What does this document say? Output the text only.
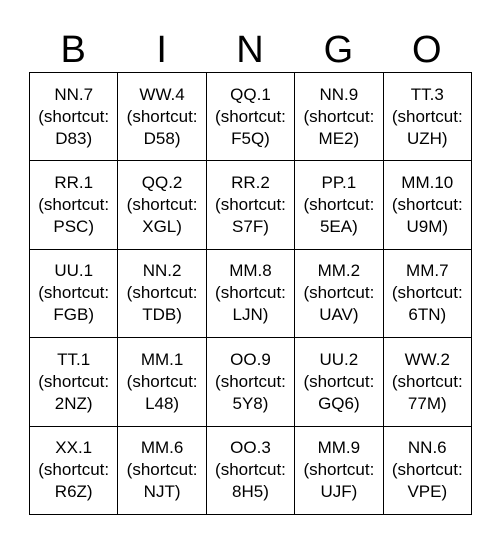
B	I	N	G	O
NN.7
(shortcut:
D83)	WW.4
(shortcut:
D58)	QQ.1
(shortcut:
F5Q)	NN.9
(shortcut:
ME2)	TT.3
(shortcut:
UZH)

RR.1
(shortcut:
PSC)	QQ.2
(shortcut:
XGL)	RR.2
(shortcut:
S7F)	PP.1
(shortcut:
5EA)	MM.10
(shortcut:
U9M)

UU.1
(shortcut:
FGB)	NN.2
(shortcut:
TDB)	MM.8
(shortcut:
LJN)	MM.2
(shortcut:
UAV)	MM.7
(shortcut:
6TN)

TT.1
(shortcut:
2NZ)	MM.1
(shortcut:
L48)	OO.9
(shortcut:
5Y8)	UU.2
(shortcut:
GQ6)	WW.2
(shortcut:
77M)

XX.1
(shortcut:
R6Z)	MM.6
(shortcut:
NJT)	OO.3
(shortcut:
8H5)	MM.9
(shortcut:
UJF)	NN.6
(shortcut:
VPE)
